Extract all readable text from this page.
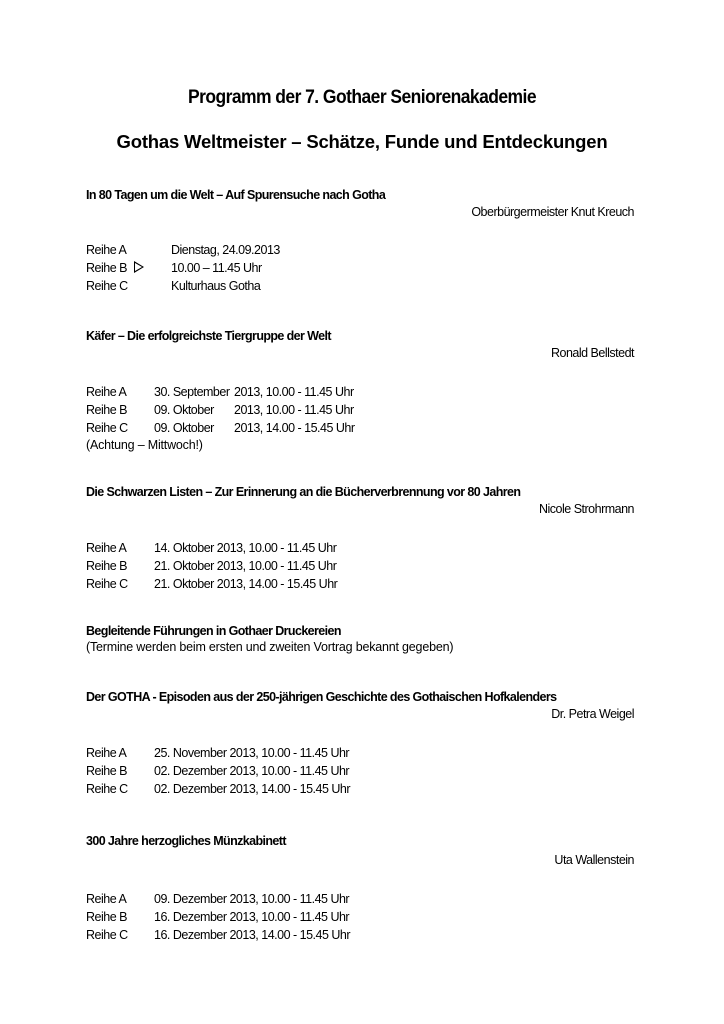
Programm der 7. Gothaer Seniorenakademie
Gothas Weltmeister – Schätze, Funde und Entdeckungen
In 80 Tagen um die Welt – Auf Spurensuche nach Gotha
Oberbürgermeister Knut Kreuch
Reihe A	Dienstag, 24.09.2013
Reihe B	10.00 – 11.45 Uhr
Reihe C	Kulturhaus Gotha
Käfer – Die erfolgreichste Tiergruppe der Welt
Ronald Bellstedt
Reihe A	30. September 2013, 10.00 - 11.45 Uhr
Reihe B	09. Oktober	2013, 10.00 - 11.45 Uhr
Reihe C	09. Oktober	2013, 14.00 - 15.45 Uhr
(Achtung – Mittwoch!)
Die Schwarzen Listen – Zur Erinnerung an die Bücherverbrennung vor 80 Jahren
Nicole Strohrmann
Reihe A	14. Oktober 2013, 10.00 - 11.45 Uhr
Reihe B	21. Oktober 2013, 10.00 - 11.45 Uhr
Reihe C	21. Oktober 2013, 14.00 - 15.45 Uhr
Begleitende Führungen in Gothaer Druckereien
(Termine werden beim ersten und zweiten Vortrag bekannt gegeben)
Der GOTHA - Episoden aus der 250-jährigen Geschichte des Gothaischen Hofkalenders
Dr. Petra Weigel
Reihe A	25. November 2013, 10.00 - 11.45 Uhr
Reihe B	02. Dezember 2013, 10.00 - 11.45 Uhr
Reihe C	02. Dezember 2013, 14.00 - 15.45 Uhr
300 Jahre herzogliches Münzkabinett
Uta Wallenstein
Reihe A	09. Dezember 2013, 10.00 - 11.45 Uhr
Reihe B	16. Dezember 2013, 10.00 - 11.45 Uhr
Reihe C	16. Dezember 2013, 14.00 - 15.45 Uhr
